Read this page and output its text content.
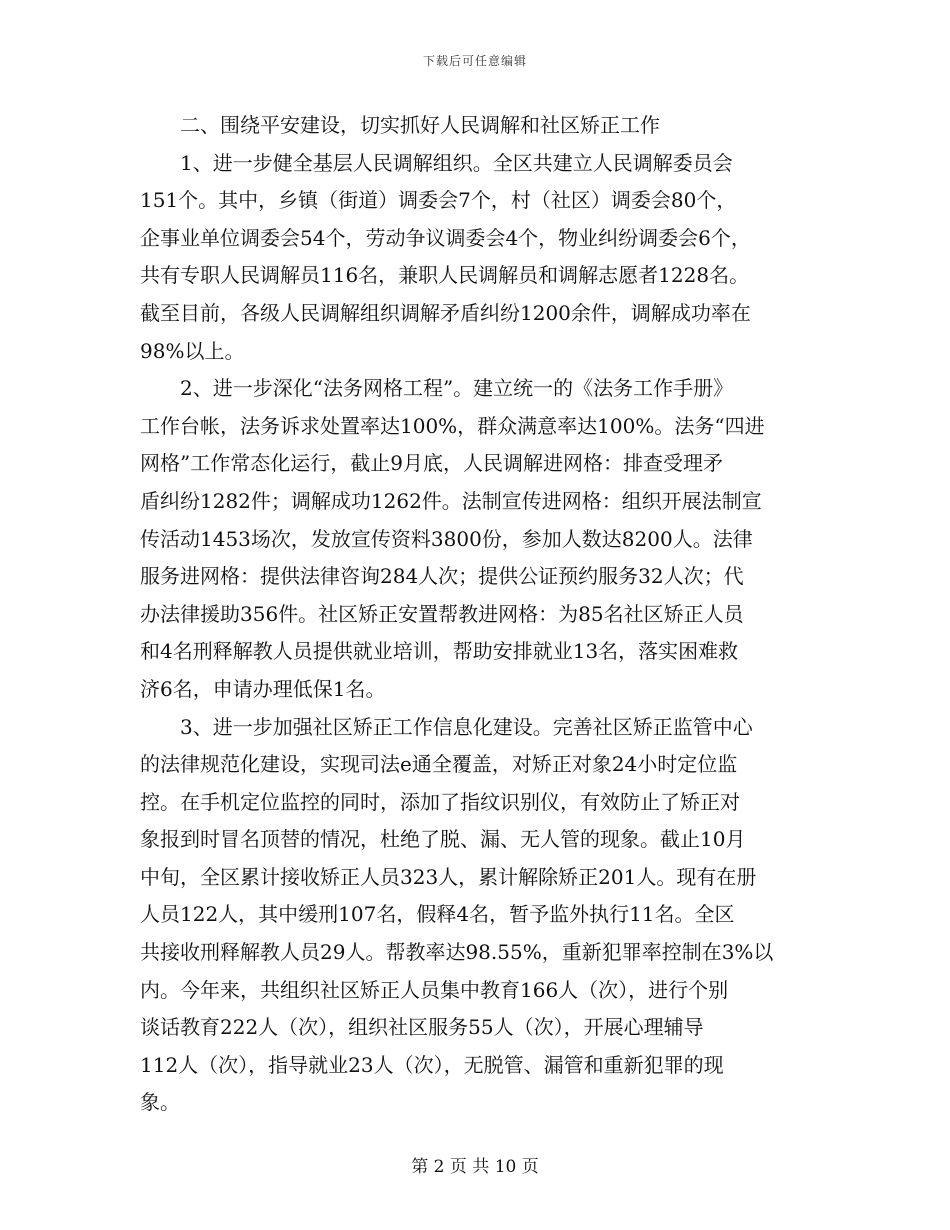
下载后可任意编辑
　　二、围绕平安建设，切实抓好人民调解和社区矫正工作
　　1、进一步健全基层人民调解组织。全区共建立人民调解委员会
151个。其中，乡镇（街道）调委会7个，村（社区）调委会80个，
企事业单位调委会54个，劳动争议调委会4个，物业纠纷调委会6个，
共有专职人民调解员116名，兼职人民调解员和调解志愿者1228名。
截至目前，各级人民调解组织调解矛盾纠纷1200余件，调解成功率在
98%以上。
　　2、进一步深化“法务网格工程”。建立统一的《法务工作手册》
工作台帐，法务诉求处置率达100%，群众满意率达100%。法务“四进
网格”工作常态化运行，截止9月底，人民调解进网格：排查受理矛
盾纠纷1282件；调解成功1262件。法制宣传进网格：组织开展法制宣
传活动1453场次，发放宣传资料3800份，参加人数达8200人。法律
服务进网格：提供法律咨询284人次；提供公证预约服务32人次；代
办法律援助356件。社区矫正安置帮教进网格：为85名社区矫正人员
和4名刑释解教人员提供就业培训，帮助安排就业13名，落实困难救
济6名，申请办理低保1名。
　　3、进一步加强社区矫正工作信息化建设。完善社区矫正监管中心
的法律规范化建设，实现司法e通全覆盖，对矫正对象24小时定位监
控。在手机定位监控的同时，添加了指纹识别仪，有效防止了矫正对
象报到时冒名顶替的情况，杜绝了脱、漏、无人管的现象。截止10月
中旬，全区累计接收矫正人员323人，累计解除矫正201人。现有在册
人员122人，其中缓刑107名，假释4名，暂予监外执行11名。全区
共接收刑释解教人员29人。帮教率达98.55%，重新犯罪率控制在3%以
内。今年来，共组织社区矫正人员集中教育166人（次），进行个别
谈话教育222人（次），组织社区服务55人（次），开展心理辅导
112人（次），指导就业23人（次），无脱管、漏管和重新犯罪的现
象。
第 2 页 共 10 页
